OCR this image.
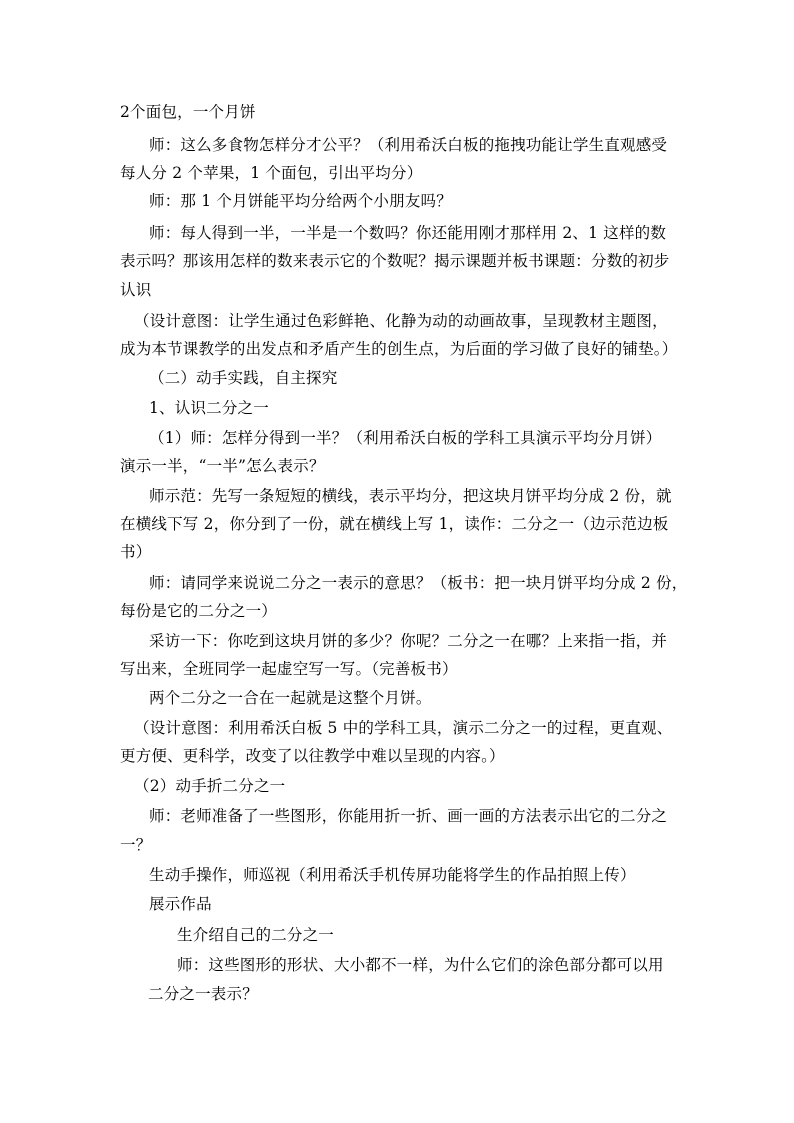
2个面包，一个月饼
师：这么多食物怎样分才公平？（利用希沃白板的拖拽功能让学生直观感受
每人分 2 个苹果，1 个面包，引出平均分）
师：那 1 个月饼能平均分给两个小朋友吗？
师：每人得到一半，一半是一个数吗？你还能用刚才那样用 2、1 这样的数
表示吗？那该用怎样的数来表示它的个数呢？揭示课题并板书课题：分数的初步
认识
（设计意图：让学生通过色彩鲜艳、化静为动的动画故事，呈现教材主题图，
成为本节课教学的出发点和矛盾产生的创生点，为后面的学习做了良好的铺垫。）
（二）动手实践，自主探究
1、认识二分之一
（1）师：怎样分得到一半？（利用希沃白板的学科工具演示平均分月饼）
演示一半，“一半”怎么表示？
师示范：先写一条短短的横线，表示平均分，把这块月饼平均分成 2 份，就
在横线下写 2，你分到了一份，就在横线上写 1，读作：二分之一（边示范边板
书）
师：请同学来说说二分之一表示的意思？（板书：把一块月饼平均分成 2 份，
每份是它的二分之一）
采访一下：你吃到这块月饼的多少？你呢？二分之一在哪？上来指一指，并
写出来，全班同学一起虚空写一写。（完善板书）
两个二分之一合在一起就是这整个月饼。
（设计意图：利用希沃白板 5 中的学科工具，演示二分之一的过程，更直观、
更方便、更科学，改变了以往教学中难以呈现的内容。）
（2）动手折二分之一
师：老师准备了一些图形，你能用折一折、画一画的方法表示出它的二分之
一？
生动手操作，师巡视（利用希沃手机传屏功能将学生的作品拍照上传）
展示作品
生介绍自己的二分之一
师：这些图形的形状、大小都不一样，为什么它们的涂色部分都可以用
二分之一表示？
